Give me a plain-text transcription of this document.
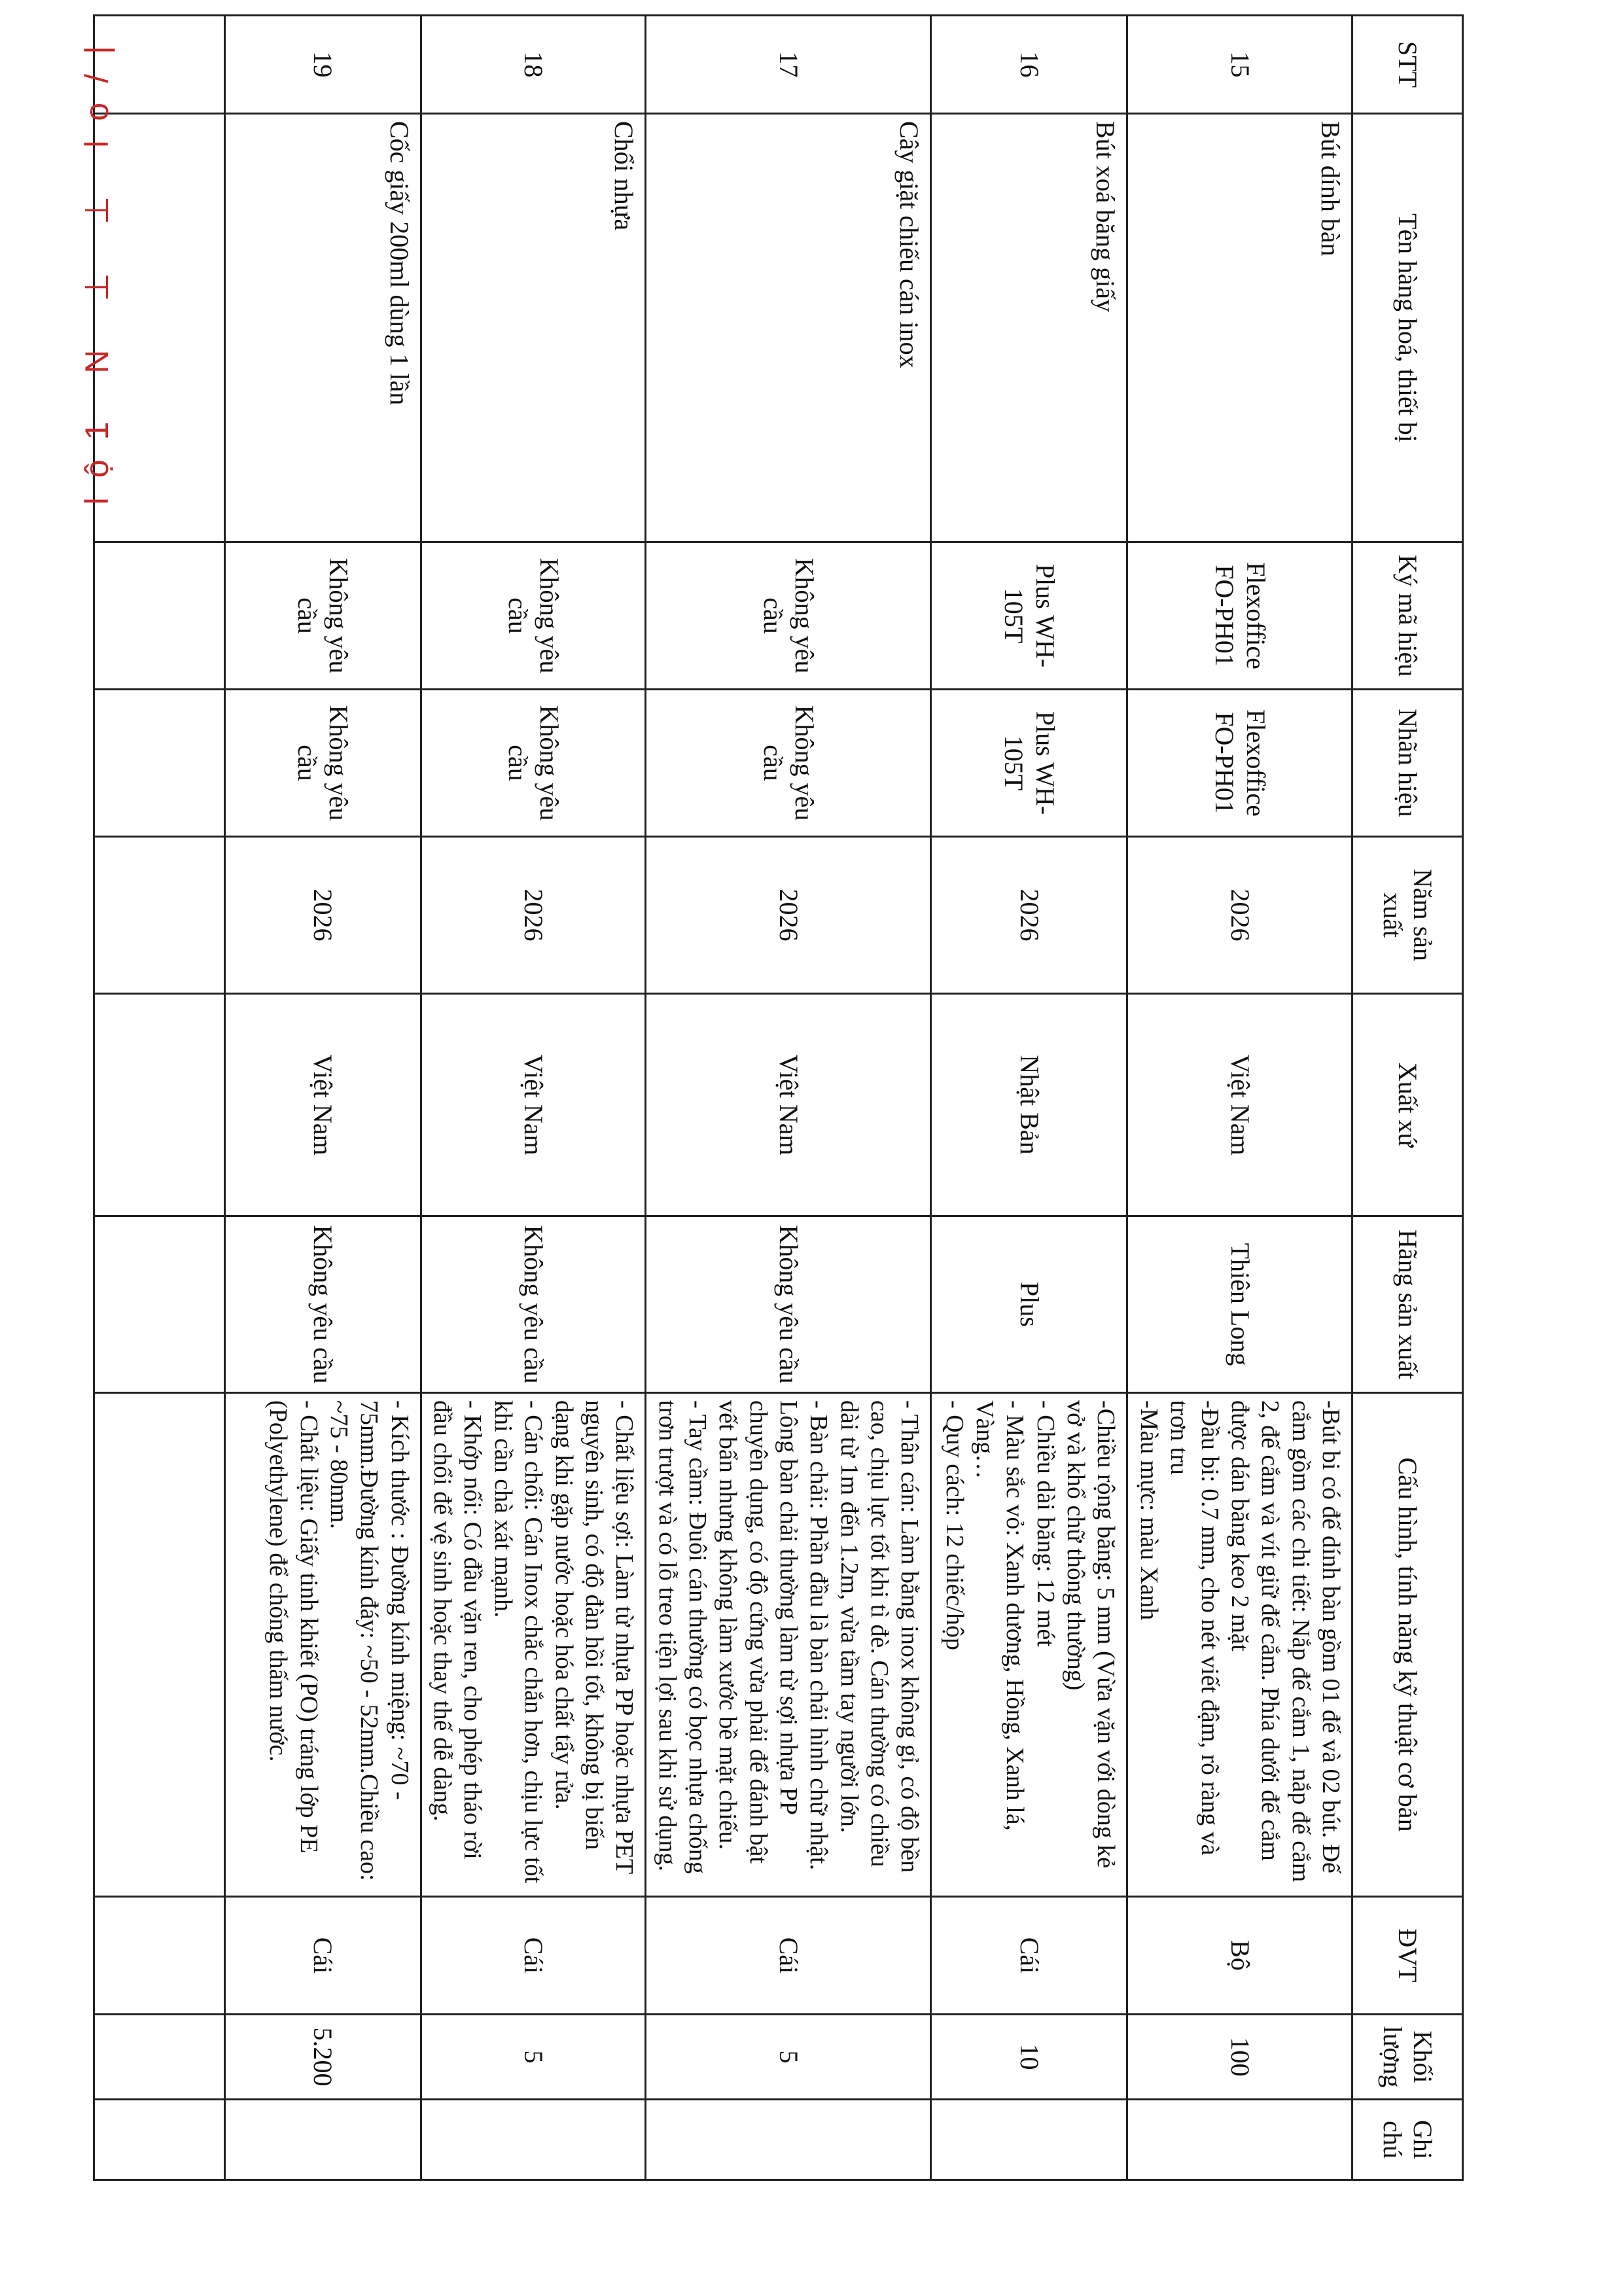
STT	Tên hàng hoá, thiết bị	Ký mã hiệu	Nhãn hiệu	Năm sản xuất	Xuất xứ	Hãng sản xuất	Cấu hình, tính năng kỹ thuật cơ bản	ĐVT	Khối lượng	Ghi chú
15	Bút dính bàn	Flexoffice FO-PH01	Flexoffice FO-PH01	2026	Việt Nam	Thiên Long	-Bút bi có đế dính bàn gồm 01 đế và 02 bút. Đế cắm gồm các chi tiết: Nắp đế cắm 1, nắp đế cắm 2, đế cắm và vít giữ đế cắm. Phía dưới đế cắm được dán băng keo 2 mặt
-Đầu bi: 0.7 mm, cho nét viết đậm, rõ ràng và trơn tru
-Màu mực: màu Xanh	Bộ	100	
16	Bút xoá băng giấy	Plus WH-105T	Plus WH-105T	2026	Nhật Bản	Plus	-Chiều rộng băng: 5 mm (Vừa vặn với dòng kẻ vở và khổ chữ thông thường)
- Chiều dài băng: 12 mét
- Màu sắc vỏ: Xanh dương, Hồng, Xanh lá, Vàng…
- Quy cách: 12 chiếc/hộp	Cái	10	
17	Cây giặt chiếu cán inox	Không yêu cầu	Không yêu cầu	2026	Việt Nam	Không yêu cầu	- Thân cán: Làm bằng inox không gỉ, có độ bền cao, chịu lực tốt khi tì đè. Cán thường có chiều dài từ 1m đến 1.2m, vừa tầm tay người lớn.
- Bàn chải: Phần đầu là bàn chải hình chữ nhật. Lông bàn chải thường làm từ sợi nhựa PP chuyên dụng, có độ cứng vừa phải để đánh bật vết bẩn nhưng không làm xước bề mặt chiếu.
- Tay cầm: Đuôi cán thường có bọc nhựa chống trơn trượt và có lỗ treo tiện lợi sau khi sử dụng.	Cái	5	
18	Chổi nhựa	Không yêu cầu	Không yêu cầu	2026	Việt Nam	Không yêu cầu	- Chất liệu sợi: Làm từ nhựa PP hoặc nhựa PET nguyên sinh, có độ đàn hồi tốt, không bị biến dạng khi gặp nước hoặc hóa chất tẩy rửa.
- Cán chổi: Cán Inox chắc chắn hơn, chịu lực tốt khi cần chà xát mạnh.
- Khớp nối: Có đầu vặn ren, cho phép tháo rời đầu chổi để vệ sinh hoặc thay thế dễ dàng.	Cái	5	
19	Cốc giấy 200ml dùng 1 lần	Không yêu cầu	Không yêu cầu	2026	Việt Nam	Không yêu cầu	- Kích thước : Đường kính miệng: ~70 - 75mm.Đường kính đáy: ~50 - 52mm.Chiều cao: ~75 - 80mm.
- Chất liệu: Giấy tinh khiết (PO) tráng lớp PE (Polyethylene) để chống thấm nước.	Cái	5.200	

lộ1 N ⊥ ⊥ lo/|
